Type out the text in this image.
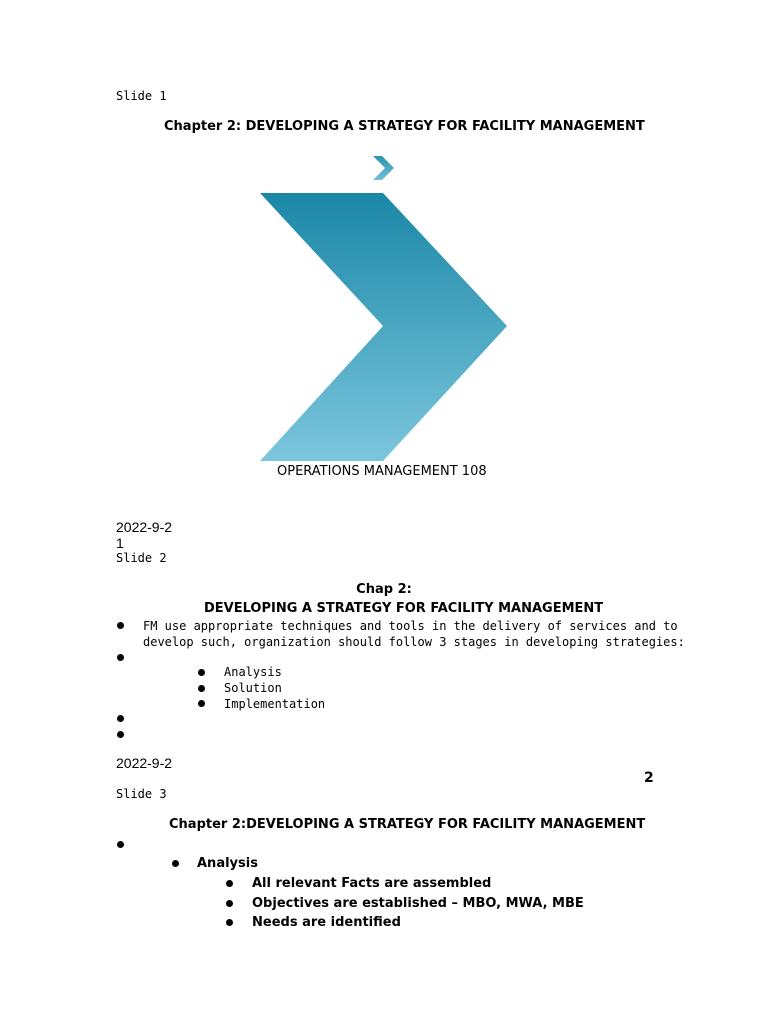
Slide 1
Chapter 2: DEVELOPING A STRATEGY FOR FACILITY MANAGEMENT
OPERATIONS MANAGEMENT 108
2022-9-2
1
Slide 2
Chap 2:
DEVELOPING A STRATEGY FOR FACILITY MANAGEMENT
FM use appropriate techniques and tools in the delivery of services and to
develop such, organization should follow 3 stages in developing strategies:
Analysis
Solution
Implementation
2022-9-2
2
Slide 3
Chapter 2:DEVELOPING A STRATEGY FOR FACILITY MANAGEMENT
Analysis
All relevant Facts are assembled
Objectives are established – MBO, MWA, MBE
Needs are identified
